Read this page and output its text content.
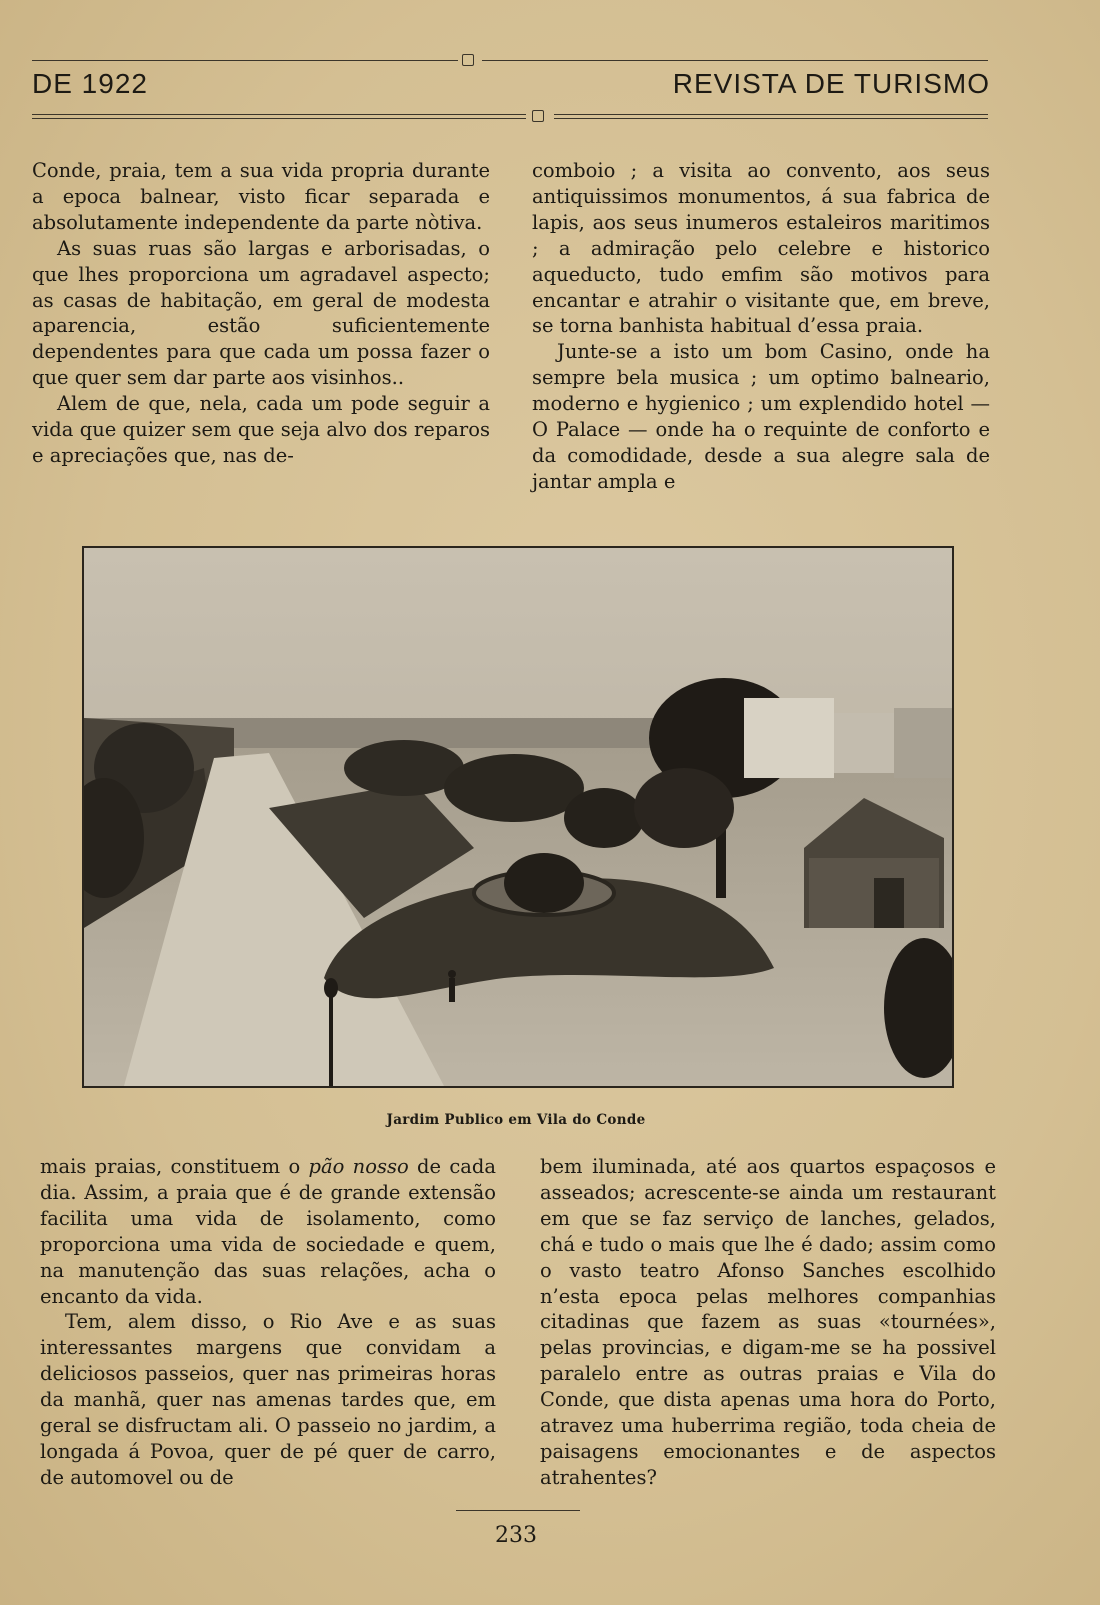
DE 1922	REVISTA DE TURISMO

Conde, praia, tem a sua vida propria durante a epoca balnear, visto ficar separada e absolutamente independente da parte nòtiva.

As suas ruas são largas e arborisadas, o que lhes proporciona um agradavel aspecto; as casas de habitação, em geral de modesta aparencia, estão suficientemente dependentes para que cada um possa fazer o que quer sem dar parte aos visinhos..

Alem de que, nela, cada um pode seguir a vida que quizer sem que seja alvo dos reparos e apreciações que, nas de-

comboio ; a visita ao convento, aos seus antiquissimos monumentos, á sua fabrica de lapis, aos seus inumeros estaleiros maritimos ; a admiração pelo celebre e historico aqueducto, tudo emfim são motivos para encantar e atrahir o visitante que, em breve, se torna banhista habitual d’essa praia.

Junte-se a isto um bom Casino, onde ha sempre bela musica ; um optimo balneario, moderno e hygienico ; um explendido hotel — O Palace — onde ha o requinte de conforto e da comodidade, desde a sua alegre sala de jantar ampla e

Jardim Publico em Vila do Conde

mais praias, constituem o pão nosso de cada dia. Assim, a praia que é de grande extensão facilita uma vida de isolamento, como proporciona uma vida de sociedade e quem, na manutenção das suas relações, acha o encanto da vida.

Tem, alem disso, o Rio Ave e as suas interessantes margens que convidam a deliciosos passeios, quer nas primeiras horas da manhã, quer nas amenas tardes que, em geral se disfructam ali. O passeio no jardim, a longada á Povoa, quer de pé quer de carro, de automovel ou de

bem iluminada, até aos quartos espaçosos e asseados; acrescente-se ainda um restaurant em que se faz serviço de lanches, gelados, chá e tudo o mais que lhe é dado; assim como o vasto teatro Afonso Sanches escolhido n’esta epoca pelas melhores companhias citadinas que fazem as suas «tournées», pelas provincias, e digam-me se ha possivel paralelo entre as outras praias e Vila do Conde, que dista apenas uma hora do Porto, atravez uma huberrima região, toda cheia de paisagens emocionantes e de aspectos atrahentes?

233
